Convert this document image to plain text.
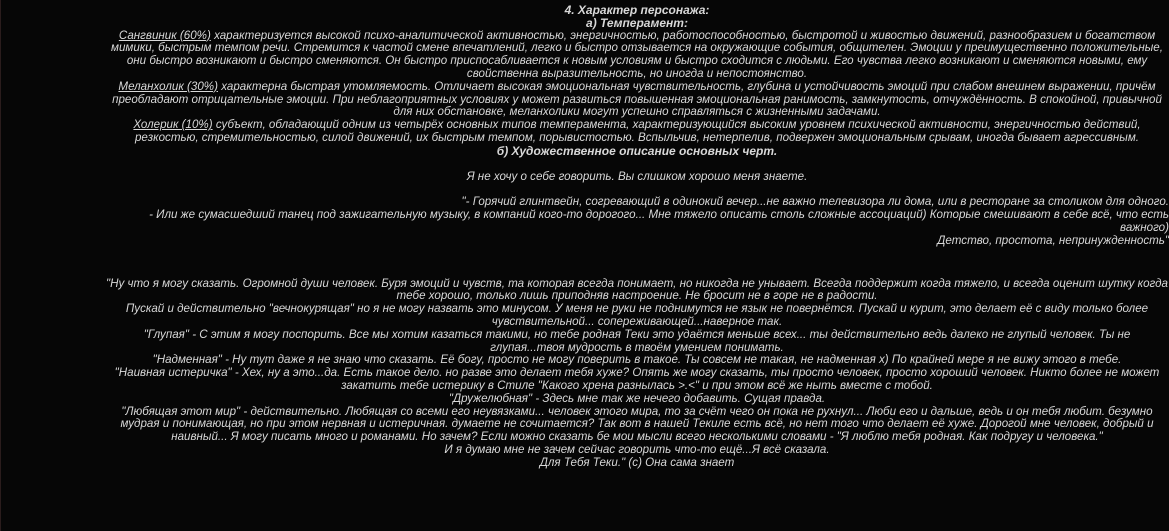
4. Характер персонажа:

а) Темперамент:

Сангвиник (60%) характеризуется высокой психо-аналитической активностью, энергичностью, работоспособностью, быстротой и живостью движений, разнообразием и богатством мимики, быстрым темпом речи. Стремится к частой смене впечатлений, легко и быстро отзывается на окружающие события, общителен. Эмоции у преимущественно положительные, они быстро возникают и быстро сменяются. Он быстро приспосабливается к новым условиям и быстро сходится с людьми. Его чувства легко возникают и сменяются новыми, ему свойственна выразительность, но иногда и непостоянство.

Меланхолик (30%) характерна быстрая утомляемость. Отличает высокая эмоциональная чувствительность, глубина и устойчивость эмоций при слабом внешнем выражении, причём преобладают отрицательные эмоции. При неблагоприятных условиях у может развиться повышенная эмоциональная ранимость, замкнутость, отчуждённость. В спокойной, привычной для них обстановке, меланхолики могут успешно справляться с жизненными задачами.

Холерик (10%) субъект, обладающий одним из четырёх основных типов темперамента, характеризующийся высоким уровнем психической активности, энергичностью действий, резкостью, стремительностью, силой движений, их быстрым темпом, порывистостью. Вспыльчив, нетерпелив, подвержен эмоциональным срывам, иногда бывает агрессивным.

б) Художественное описание основных черт.

Я не хочу о себе говорить. Вы слишком хорошо меня знаете.

"- Горячий глинтвейн, согревающий в одинокий вечер...не важно телевизора ли дома, или в ресторане за столиком для одного.

- Или же сумасшедший танец под зажигательную музыку, в компаний кого-то дорогого... Мне тяжело описать столь сложные ассоциаций) Которые смешивают в себе всё, что есть важного)

Детство, простота, непринужденность"

"Ну что я могу сказать. Огромной души человек. Буря эмоций и чувств, та которая всегда понимает, но никогда не унывает. Всегда поддержит когда тяжело, и всегда оценит шутку когда тебе хорошо, только лишь приподняв настроение. Не бросит не в горе не в радости.

Пускай и действительно "вечнокурящая" но я не могу назвать это минусом. У меня не руки не поднимутся не язык не повернётся. Пускай и курит, это делает её с виду только более чувствительной... сопереживающей...наверное так.

"Глупая" - С этим я могу поспорить. Все мы хотим казаться такими, но тебе родная Теки это удаётся меньше всех... ты действительно ведь далеко не глупый человек. Ты не глупая...твоя мудрость в твоём умением понимать.

"Надменная" - Ну тут даже я не знаю что сказать. Её богу, просто не могу поверить в такое. Ты совсем не такая, не надменная х) По крайней мере я не вижу этого в тебе.

"Наивная истеричка" - Хех, ну а это...да. Есть такое дело. но разве это делает тебя хуже? Опять же могу сказать, ты просто человек, просто хороший человек. Никто более не может закатить тебе истерику в Стиле "Какого хрена разнылась >.<" и при этом всё же ныть вместе с тобой.

"Дружелюбная" - Здесь мне так же нечего добавить. Сущая правда.

"Любящая этот мир" - действительно. Любящая со всеми его неувязками... человек этого мира, то за счёт чего он пока не рухнул... Люби его и дальше, ведь и он тебя любит. безумно мудрая и понимающая, но при этом нервная и истеричная. думаете не сочитается? Так вот в нашей Текиле есть всё, но нет того что делает её хуже. Дорогой мне человек, добрый и наивный... Я могу писать много и романами. Но зачем? Если можно сказать бе мои мысли всего несколькими словами - "Я люблю тебя родная. Как подругу и человека."

И я думаю мне не зачем сейчас говорить что-то ещё...Я всё сказала.

Для Тебя Теки." (с) Она сама знает
